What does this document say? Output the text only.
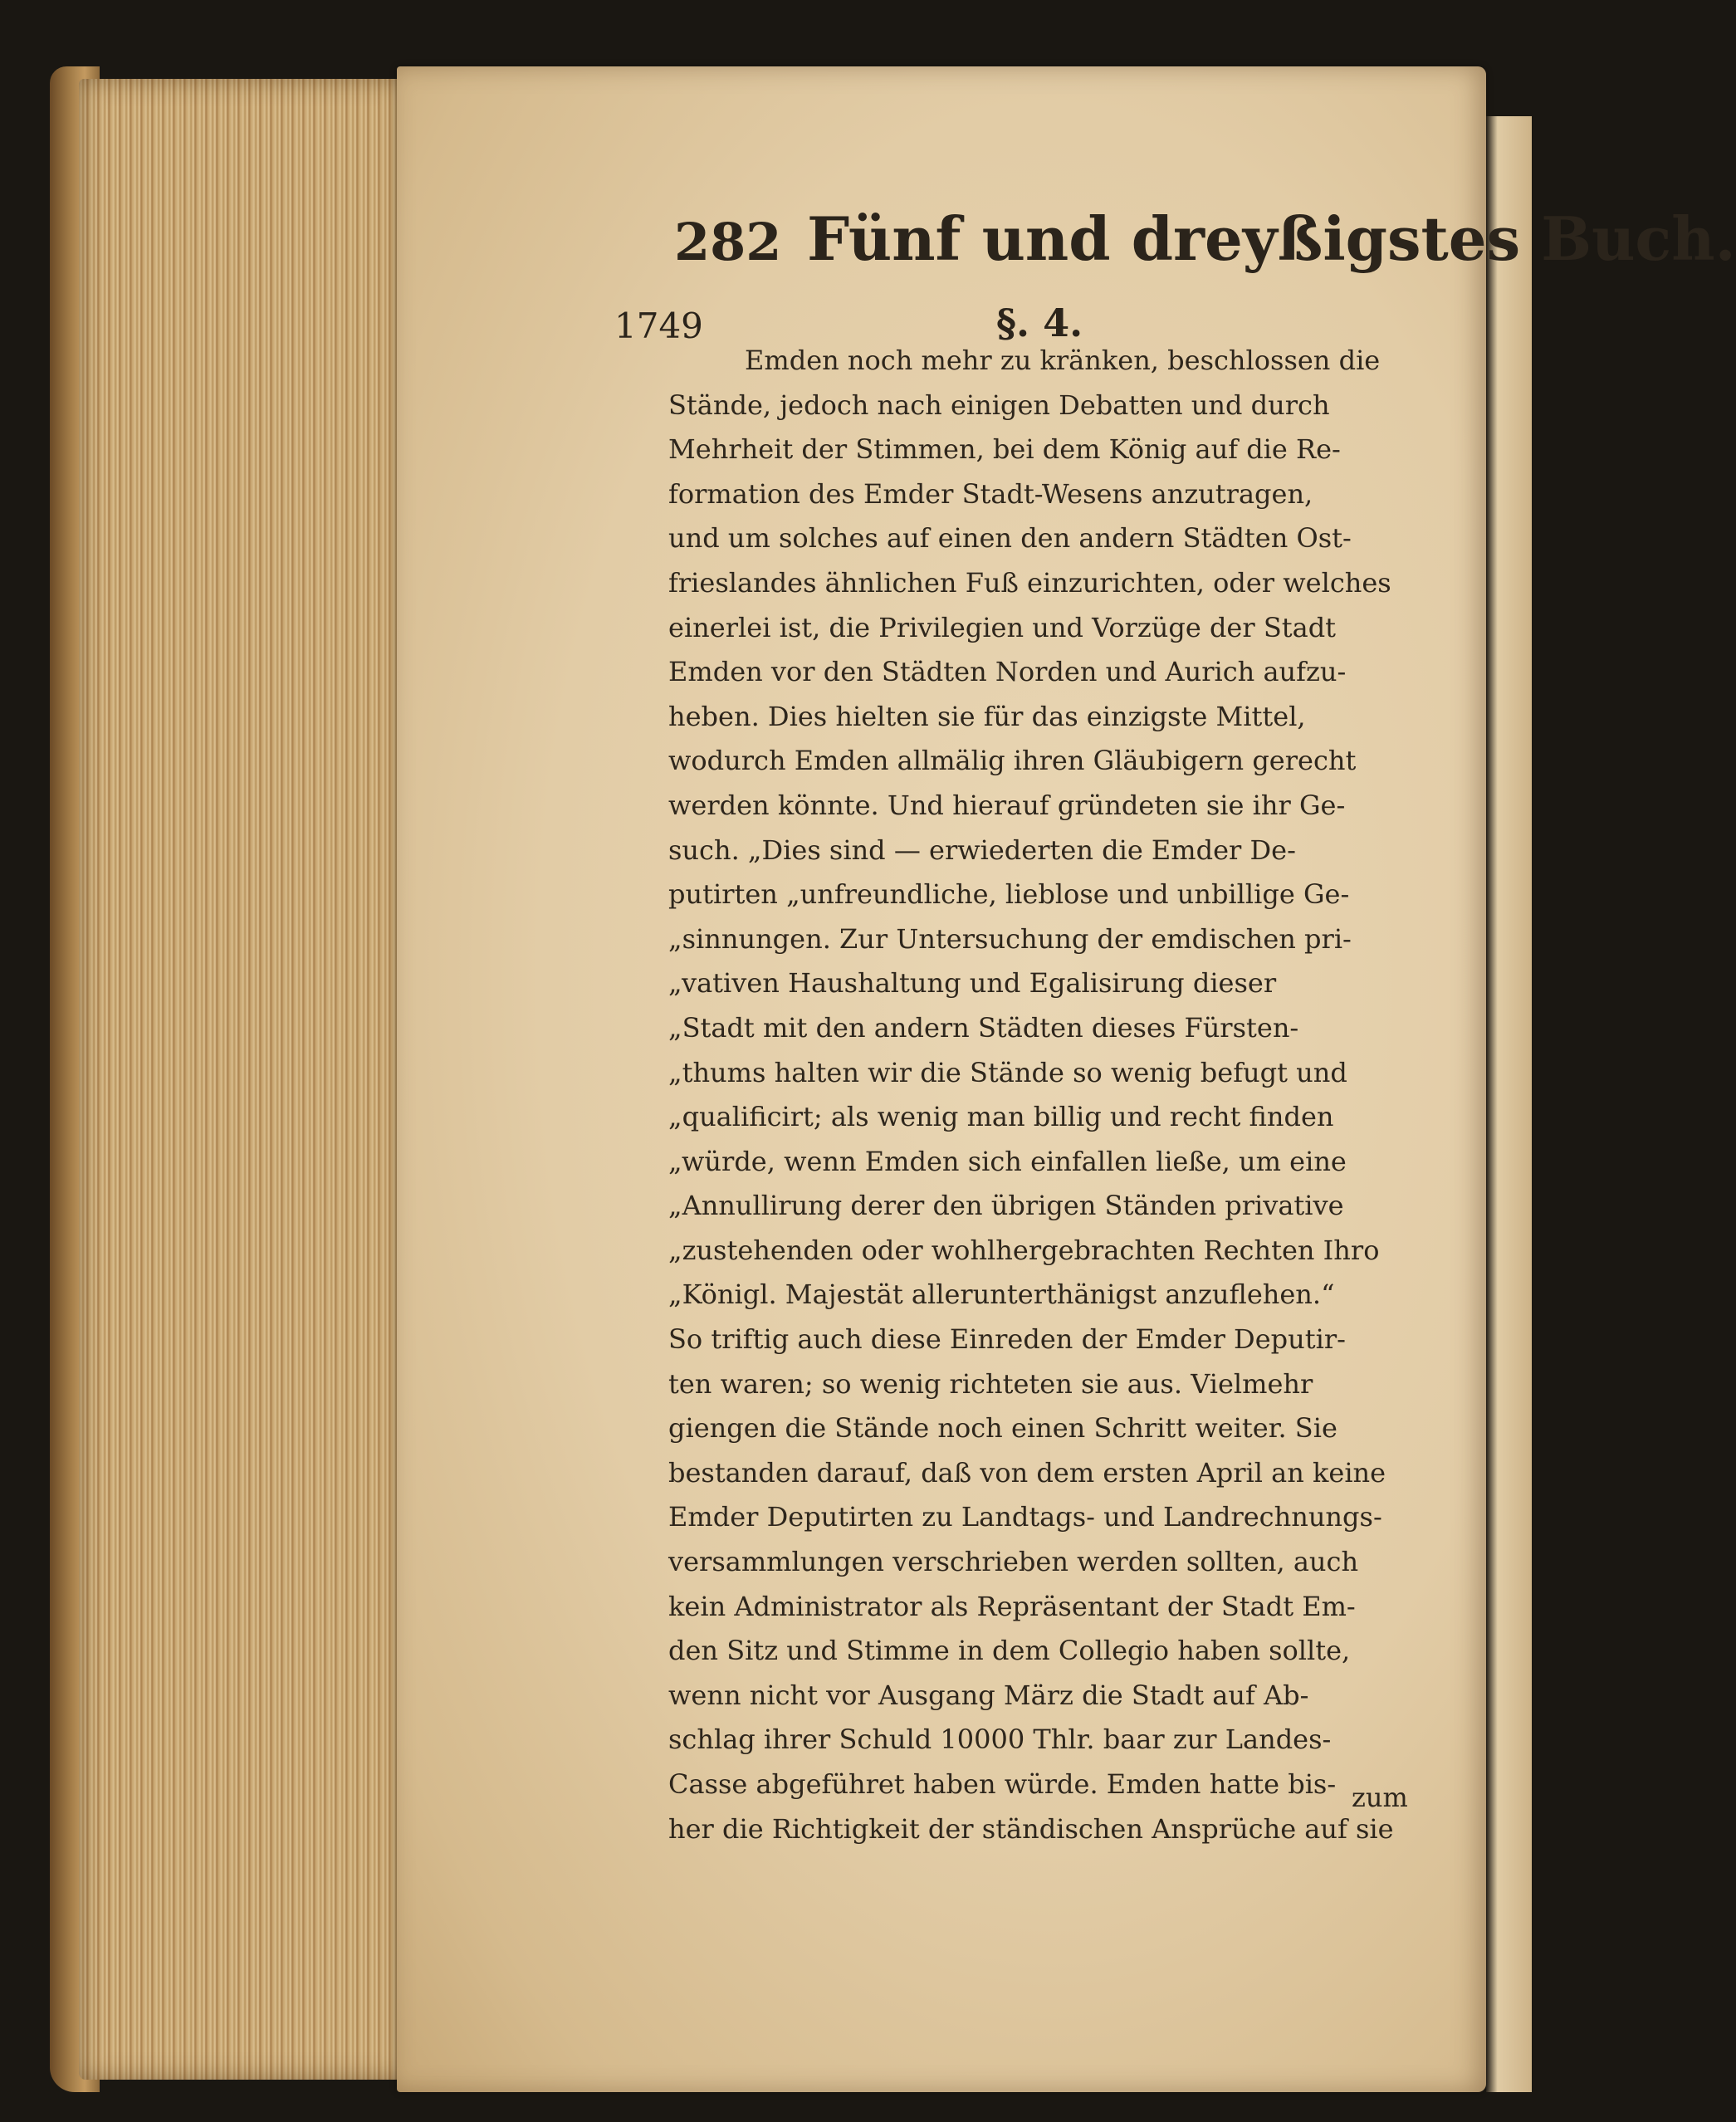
282 Fünf und dreyßigstes Buch.
1749	§. 4.
Emden noch mehr zu kränken, beschlossen die
Stände, jedoch nach einigen Debatten und durch
Mehrheit der Stimmen, bei dem König auf die Re-
formation des Emder Stadt-Wesens anzutragen,
und um solches auf einen den andern Städten Ost-
frieslandes ähnlichen Fuß einzurichten, oder welches
einerlei ist, die Privilegien und Vorzüge der Stadt
Emden vor den Städten Norden und Aurich aufzu-
heben. Dies hielten sie für das einzigste Mittel,
wodurch Emden allmälig ihren Gläubigern gerecht
werden könnte. Und hierauf gründeten sie ihr Ge-
such. „Dies sind — erwiederten die Emder De-
putirten „unfreundliche, lieblose und unbillige Ge-
„sinnungen. Zur Untersuchung der emdischen pri-
„vativen Haushaltung und Egalisirung dieser
„Stadt mit den andern Städten dieses Fürsten-
„thums halten wir die Stände so wenig befugt und
„qualificirt; als wenig man billig und recht finden
„würde, wenn Emden sich einfallen ließe, um eine
„Annullirung derer den übrigen Ständen privative
„zustehenden oder wohlhergebrachten Rechten Ihro
„Königl. Majestät allerunterthänigst anzuflehen.“
So triftig auch diese Einreden der Emder Deputir-
ten waren; so wenig richteten sie aus. Vielmehr
giengen die Stände noch einen Schritt weiter. Sie
bestanden darauf, daß von dem ersten April an keine
Emder Deputirten zu Landtags- und Landrechnungs-
versammlungen verschrieben werden sollten, auch
kein Administrator als Repräsentant der Stadt Em-
den Sitz und Stimme in dem Collegio haben sollte,
wenn nicht vor Ausgang März die Stadt auf Ab-
schlag ihrer Schuld 10000 Thlr. baar zur Landes-
Casse abgeführet haben würde. Emden hatte bis-
her die Richtigkeit der ständischen Ansprüche auf sie
zum
